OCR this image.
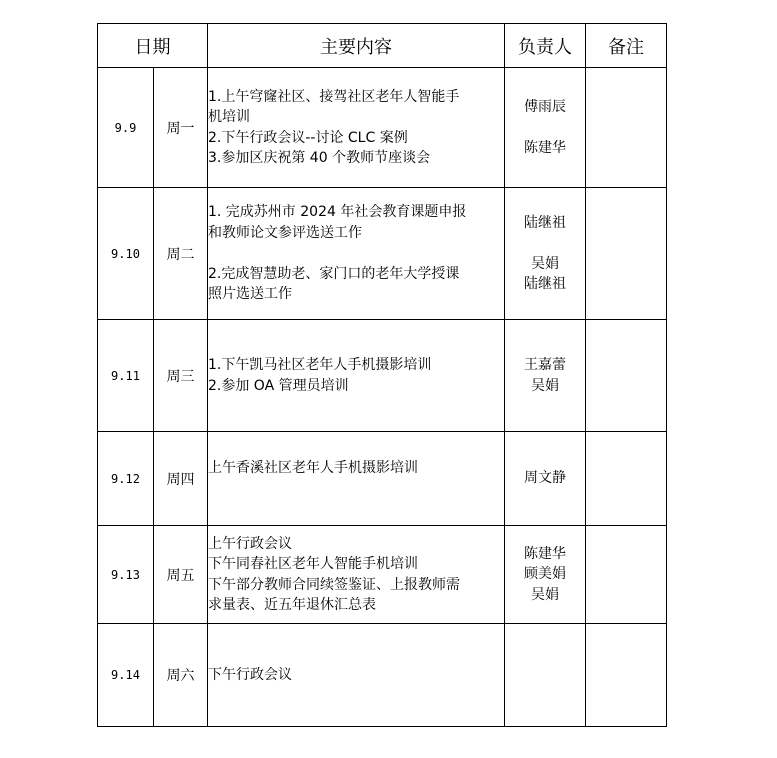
日期		主要内容	负责人	备注
9.9	周一	1.上午穹窿社区、接驾社区老年人智能手
机培训
2.下午行政会议--讨论 CLC 案例
3.参加区庆祝第 40 个教师节座谈会	傅雨辰
陈建华	

9.10	周二	1. 完成苏州市 2024 年社会教育课题申报
和教师论文参评选送工作
2.完成智慧助老、家门口的老年大学授课
照片选送工作	陆继祖
吴娟
陆继祖	

9.11	周三	1.下午凯马社区老年人手机摄影培训
2.参加 OA 管理员培训	王嘉蕾
吴娟	

9.12	周四	上午香溪社区老年人手机摄影培训	周文静	

9.13	周五	上午行政会议
下午同春社区老年人智能手机培训
下午部分教师合同续签鉴证、上报教师需
求量表、近五年退休汇总表	陈建华
顾美娟
吴娟	

9.14	周六	下午行政会议		
